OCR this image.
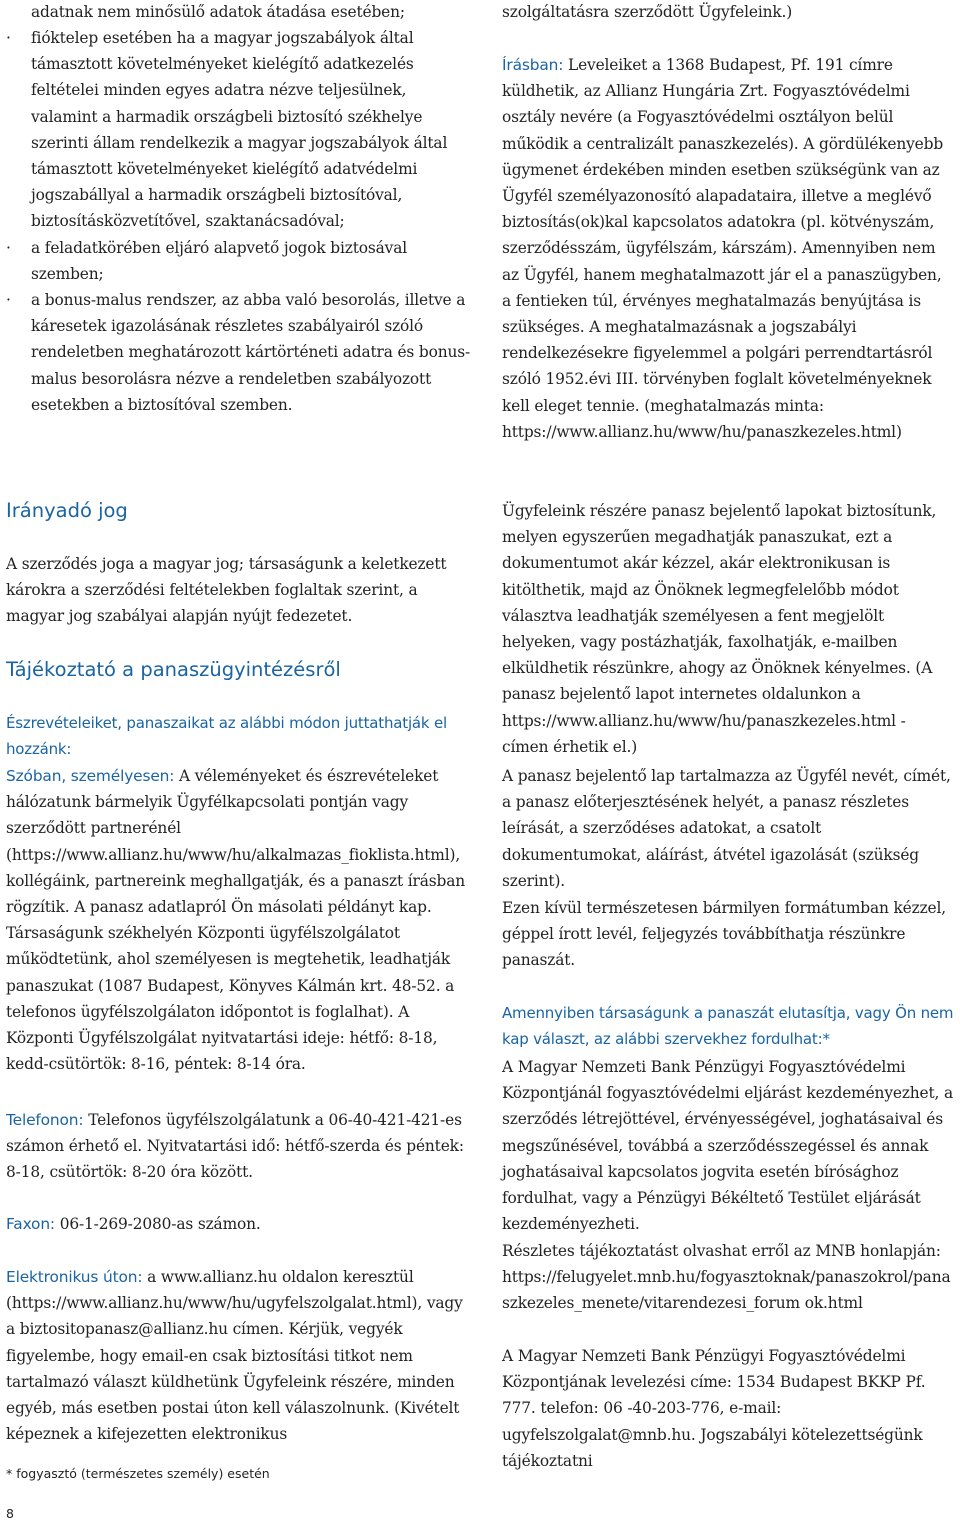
adatnak nem minősülő adatok átadása esetében;

· fióktelep esetében ha a magyar jogszabályok által támasztott követelményeket kielégítő adatkezelés feltételei minden egyes adatra nézve teljesülnek, valamint a harmadik országbeli biztosító székhelye szerinti állam rendelkezik a magyar jogszabályok által támasztott követelményeket kielégítő adatvédelmi jogszabállyal a harmadik országbeli biztosítóval, biztosításközvetítővel, szaktanácsadóval;
· a feladatkörében eljáró alapvető jogok biztosával szemben;
· a bonus-malus rendszer, az abba való besorolás, illetve a káresetek igazolásának részletes szabályairól szóló rendeletben meghatározott kártörténeti adatra és bonus-malus besorolásra nézve a rendeletben szabályozott esetekben a biztosítóval szemben.
Irányadó jog

A szerződés joga a magyar jog; társaságunk a keletkezett károkra a szerződési feltételekben foglaltak szerint, a magyar jog szabályai alapján nyújt fedezetet.

Tájékoztató a panaszügyintézésről

Észrevételeiket, panaszaikat az alábbi módon juttathatják el hozzánk:

Szóban, személyesen: A véleményeket és észrevételeket hálózatunk bármelyik Ügyfélkapcsolati pontján vagy szerződött partnerénél (https://www.allianz.hu/www/hu/alkalmazas_fioklista.html), kollégáink, partnereink meghallgatják, és a panaszt írásban rögzítik. A panasz adatlapról Ön másolati példányt kap. Társaságunk székhelyén Központi ügyfélszolgálatot működtetünk, ahol személyesen is megtehetik, leadhatják panaszukat (1087 Budapest, Könyves Kálmán krt. 48-52. a telefonos ügyfélszolgálaton időpontot is foglalhat). A Központi Ügyfélszolgálat nyitvatartási ideje: hétfő: 8-18, kedd-csütörtök: 8-16, péntek: 8-14 óra.

Telefonon: Telefonos ügyfélszolgálatunk a 06-40-421-421-es számon érhető el. Nyitvatartási idő: hétfő-szerda és péntek: 8-18, csütörtök: 8-20 óra között.

Faxon: 06-1-269-2080-as számon.

Elektronikus úton: a www.allianz.hu oldalon keresztül (https://www.allianz.hu/www/hu/ugyfelszolgalat.html), vagy a biztositopanasz@allianz.hu címen. Kérjük, vegyék figyelembe, hogy email-en csak biztosítási titkot nem tartalmazó választ küldhetünk Ügyfeleink részére, minden egyéb, más esetben postai úton kell válaszolnunk. (Kivételt képeznek a kifejezetten elektronikus

szolgáltatásra szerződött Ügyfeleink.)

Írásban: Leveleiket a 1368 Budapest, Pf. 191 címre küldhetik, az Allianz Hungária Zrt. Fogyasztóvédelmi osztály nevére (a Fogyasztóvédelmi osztályon belül működik a centralizált panaszkezelés). A gördülékenyebb ügymenet érdekében minden esetben szükségünk van az Ügyfél személyazonosító alapadataira, illetve a meglévő biztosítás(ok)kal kapcsolatos adatokra (pl. kötvényszám, szerződésszám, ügyfélszám, kárszám). Amennyiben nem az Ügyfél, hanem meghatalmazott jár el a panaszügyben, a fentieken túl, érvényes meghatalmazás benyújtása is szükséges. A meghatalmazásnak a jogszabályi rendelkezésekre figyelemmel a polgári perrendtartásról szóló 1952.évi III. törvényben foglalt követelményeknek kell eleget tennie. (meghatalmazás minta: https://www.allianz.hu/www/hu/panaszkezeles.html)

Ügyfeleink részére panasz bejelentő lapokat biztosítunk, melyen egyszerűen megadhatják panaszukat, ezt a dokumentumot akár kézzel, akár elektronikusan is kitölthetik, majd az Önöknek legmegfelelőbb módot választva leadhatják személyesen a fent megjelölt helyeken, vagy postázhatják, faxolhatják, e-mailben elküldhetik részünkre, ahogy az Önöknek kényelmes. (A panasz bejelentő lapot internetes oldalunkon a https://www.allianz.hu/www/hu/panaszkezeles.html - címen érhetik el.)

A panasz bejelentő lap tartalmazza az Ügyfél nevét, címét, a panasz előterjesztésének helyét, a panasz részletes leírását, a szerződéses adatokat, a csatolt dokumentumokat, aláírást, átvétel igazolását (szükség szerint).

Ezen kívül természetesen bármilyen formátumban kézzel, géppel írott levél, feljegyzés továbbíthatja részünkre panaszát.

Amennyiben társaságunk a panaszát elutasítja, vagy Ön nem kap választ, az alábbi szervekhez fordulhat:*

A Magyar Nemzeti Bank Pénzügyi Fogyasztóvédelmi Központjánál fogyasztóvédelmi eljárást kezdeményezhet, a szerződés létrejöttével, érvényességével, joghatásaival és megszűnésével, továbbá a szerződésszegéssel és annak joghatásaival kapcsolatos jogvita esetén bírósághoz fordulhat, vagy a Pénzügyi Békéltető Testület eljárását kezdeményezheti.

Részletes tájékoztatást olvashat erről az MNB honlapján: https://felugyelet.mnb.hu/fogyasztoknak/panaszokrol/panaszkezeles_menete/vitarendezesi_forum ok.html

A Magyar Nemzeti Bank Pénzügyi Fogyasztóvédelmi Központjának levelezési címe: 1534 Budapest BKKP Pf. 777. telefon: 06 -40-203-776, e-mail: ugyfelszolgalat@mnb.hu. Jogszabályi kötelezettségünk tájékoztatni

* fogyasztó (természetes személy) esetén
8
